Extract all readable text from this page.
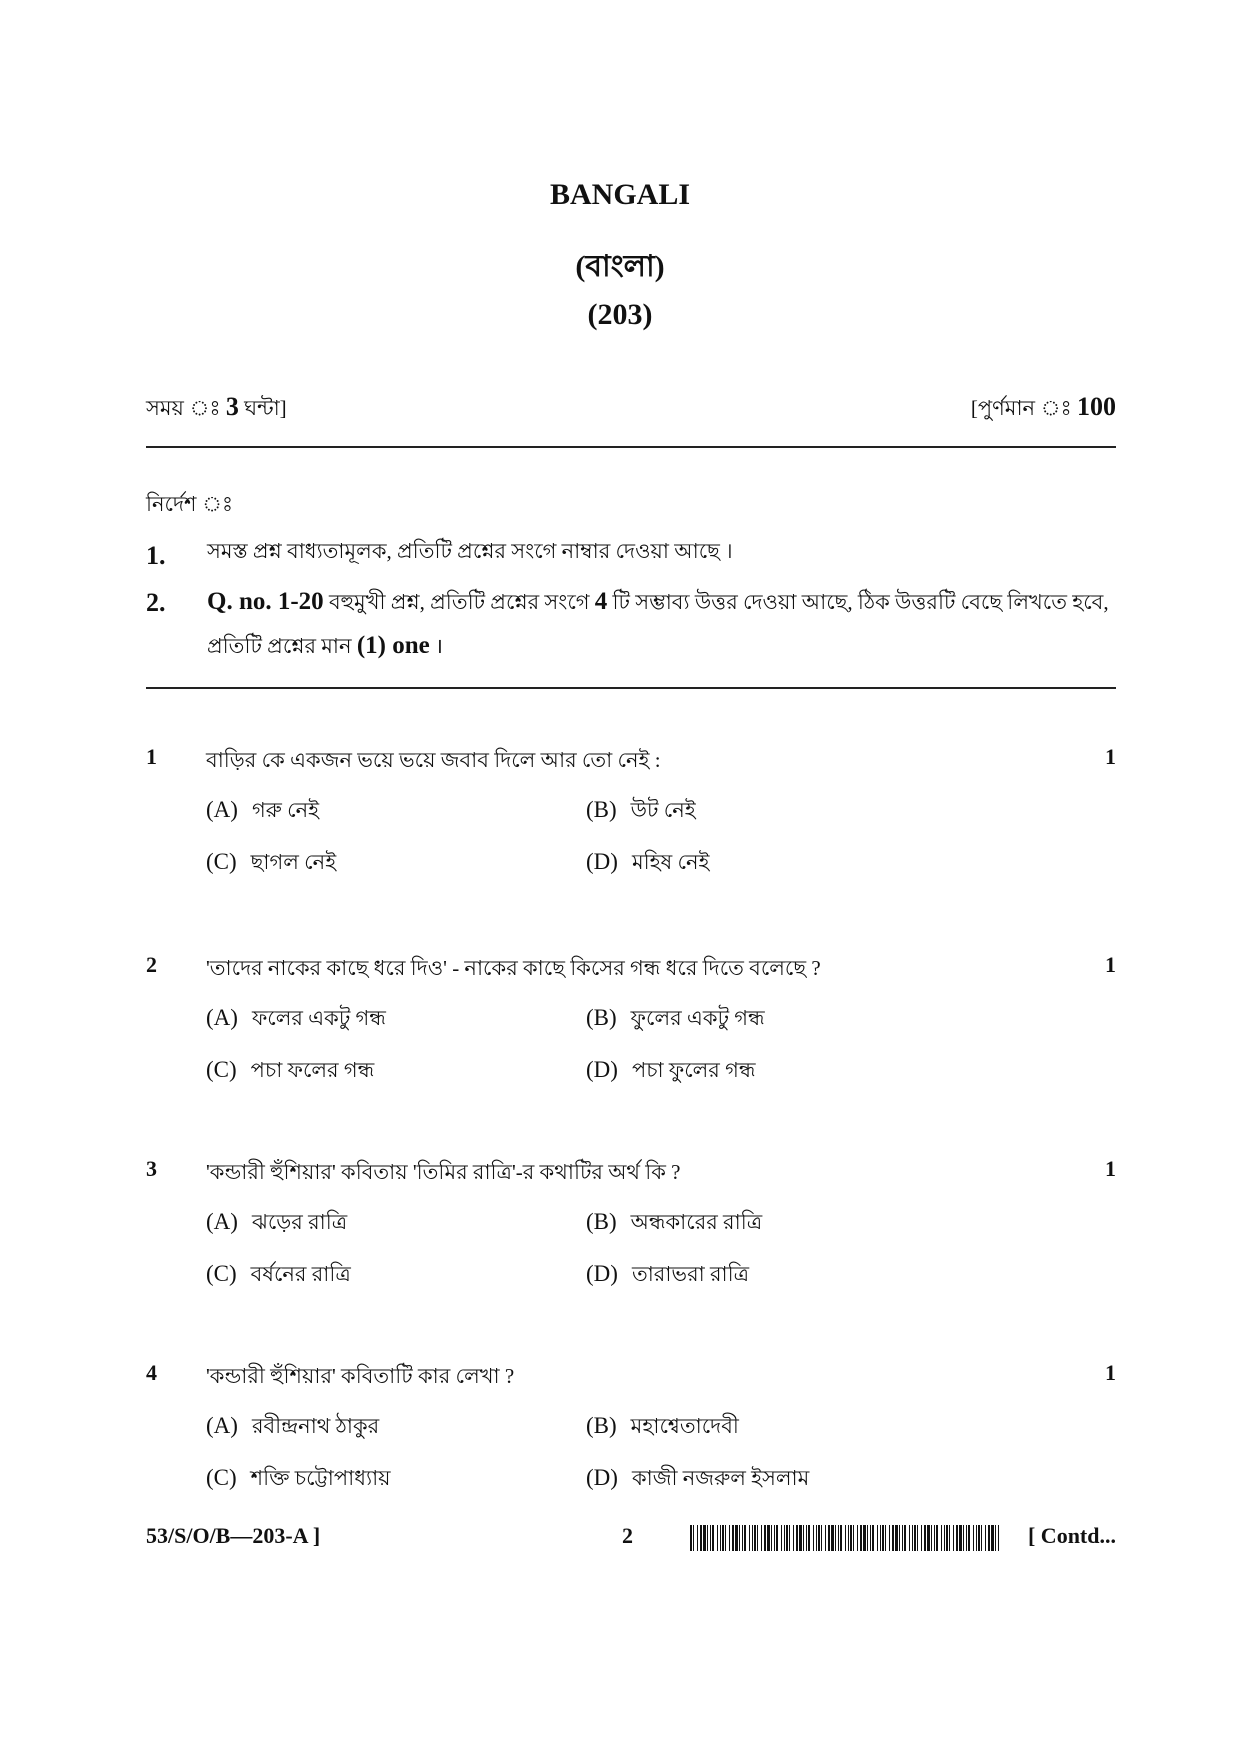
BANGALI
(বাংলা)
(203)
সময় ঃ 3 ঘন্টা]	[পুর্ণমান ঃ 100
নির্দেশ ঃ
1. সমস্ত প্রশ্ন বাধ্যতামূলক, প্রতিটি প্রশ্নের সংগে নাম্বার দেওয়া আছে ।
2. Q. no. 1-20 বহুমুখী প্রশ্ন, প্রতিটি প্রশ্নের সংগে 4 টি সম্ভাব্য উত্তর দেওয়া আছে, ঠিক উত্তরটি বেছে লিখতে হবে, প্রতিটি প্রশ্নের মান (1) one ।
1 বাড়ির কে একজন ভয়ে ভয়ে জবাব দিলে আর তো নেই :	1
(A) গরু নেই	(B) উট নেই
(C) ছাগল নেই	(D) মহিষ নেই
2 'তাদের নাকের কাছে ধরে দিও' - নাকের কাছে কিসের গন্ধ ধরে দিতে বলেছে ?	1
(A) ফলের একটু গন্ধ	(B) ফুলের একটু গন্ধ
(C) পচা ফলের গন্ধ	(D) পচা ফুলের গন্ধ
3 'কন্ডারী হুঁশিয়ার' কবিতায় 'তিমির রাত্রি'-র কথাটির অর্থ কি ?	1
(A) ঝড়ের রাত্রি	(B) অন্ধকারের রাত্রি
(C) বর্ষনের রাত্রি	(D) তারাভরা রাত্রি
4 'কন্ডারী হুঁশিয়ার' কবিতাটি কার লেখা ?	1
(A) রবীন্দ্রনাথ ঠাকুর	(B) মহাশ্বেতাদেবী
(C) শক্তি চট্টোপাধ্যায়	(D) কাজী নজরুল ইসলাম
53/S/O/B—203-A ]	2	[ Contd...
